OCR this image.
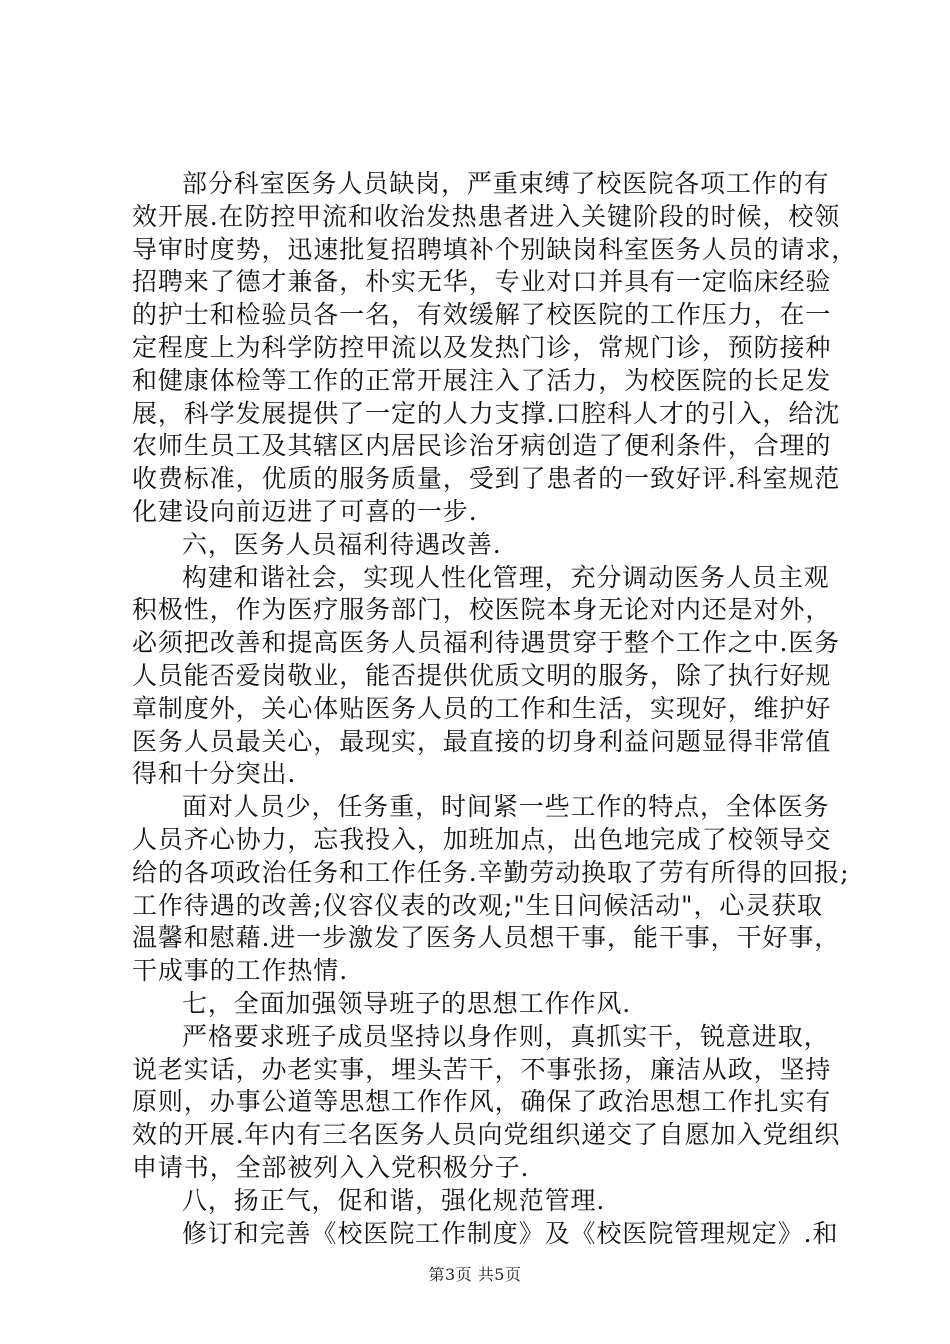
部分科室医务人员缺岗，严重束缚了校医院各项工作的有
效开展.在防控甲流和收治发热患者进入关键阶段的时候，校领
导审时度势，迅速批复招聘填补个别缺岗科室医务人员的请求，
招聘来了德才兼备，朴实无华，专业对口并具有一定临床经验
的护士和检验员各一名，有效缓解了校医院的工作压力，在一
定程度上为科学防控甲流以及发热门诊，常规门诊，预防接种
和健康体检等工作的正常开展注入了活力，为校医院的长足发
展，科学发展提供了一定的人力支撑.口腔科人才的引入，给沈
农师生员工及其辖区内居民诊治牙病创造了便利条件，合理的
收费标准，优质的服务质量，受到了患者的一致好评.科室规范
化建设向前迈进了可喜的一步.
六，医务人员福利待遇改善.
构建和谐社会，实现人性化管理，充分调动医务人员主观
积极性，作为医疗服务部门，校医院本身无论对内还是对外，
必须把改善和提高医务人员福利待遇贯穿于整个工作之中.医务
人员能否爱岗敬业，能否提供优质文明的服务，除了执行好规
章制度外，关心体贴医务人员的工作和生活，实现好，维护好
医务人员最关心，最现实，最直接的切身利益问题显得非常值
得和十分突出.
面对人员少，任务重，时间紧一些工作的特点，全体医务
人员齐心协力，忘我投入，加班加点，出色地完成了校领导交
给的各项政治任务和工作任务.辛勤劳动换取了劳有所得的回报;
工作待遇的改善;仪容仪表的改观;"生日问候活动"，心灵获取
温馨和慰藉.进一步激发了医务人员想干事，能干事，干好事，
干成事的工作热情.
七，全面加强领导班子的思想工作作风.
严格要求班子成员坚持以身作则，真抓实干，锐意进取，
说老实话，办老实事，埋头苦干，不事张扬，廉洁从政，坚持
原则，办事公道等思想工作作风，确保了政治思想工作扎实有
效的开展.年内有三名医务人员向党组织递交了自愿加入党组织
申请书，全部被列入入党积极分子.
八，扬正气，促和谐，强化规范管理.
修订和完善《校医院工作制度》及《校医院管理规定》.和
第3页 共5页
